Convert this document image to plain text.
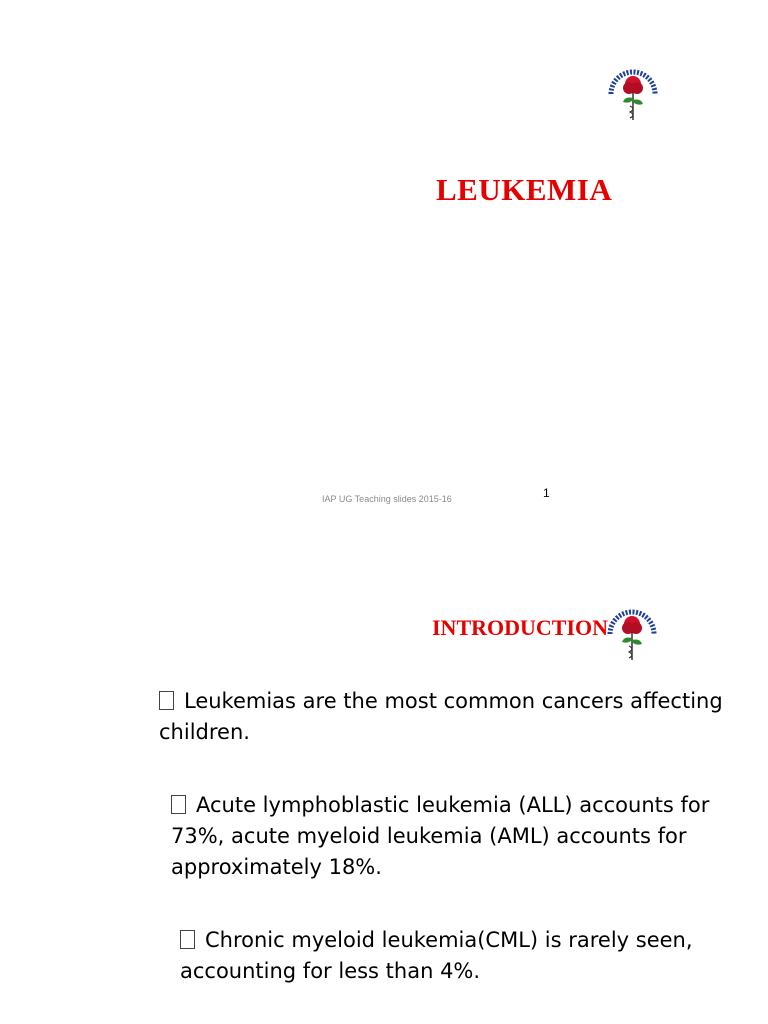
LEUKEMIA
IAP UG Teaching slides 2015-16	1
INTRODUCTION

Leukemias are the most common cancers affecting children.

Acute lymphoblastic leukemia (ALL) accounts for 73%, acute myeloid leukemia (AML) accounts for approximately 18%.

Chronic myeloid leukemia(CML) is rarely seen, accounting for less than 4%.
